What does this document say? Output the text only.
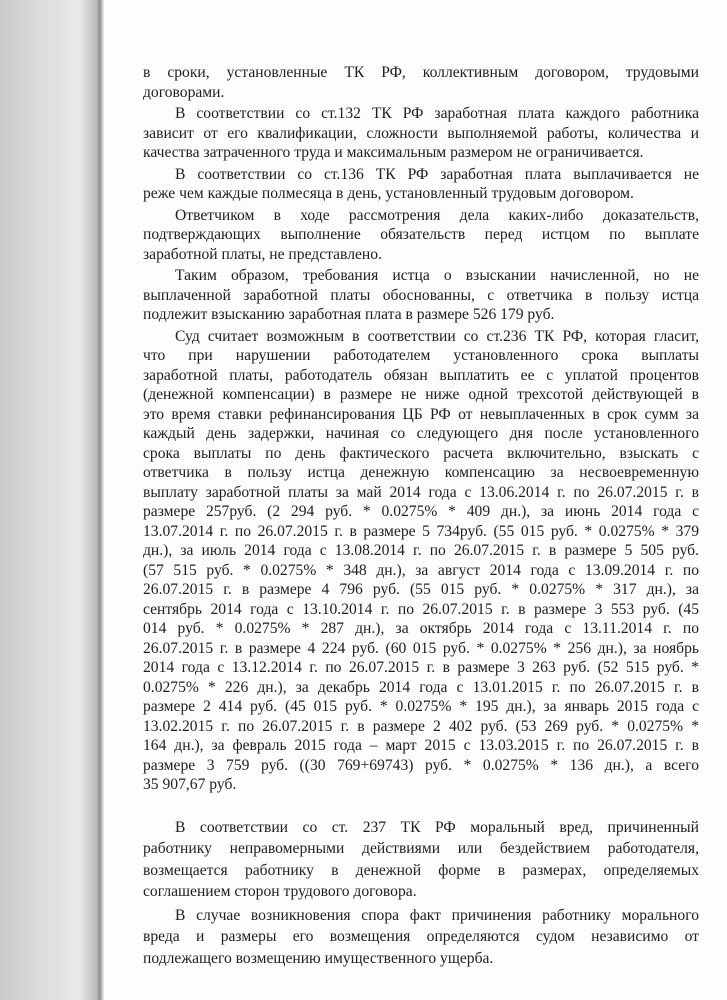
в сроки, установленные ТК РФ, коллективным договором, трудовыми
договорами.
В соответствии со ст.132 ТК РФ заработная плата каждого работника
зависит от его квалификации, сложности выполняемой работы, количества и
качества затраченного труда и максимальным размером не ограничивается.
В соответствии со ст.136 ТК РФ заработная плата выплачивается не
реже чем каждые полмесяца в день, установленный трудовым договором.
Ответчиком в ходе рассмотрения дела каких-либо доказательств,
подтверждающих выполнение обязательств перед истцом по выплате
заработной платы, не представлено.
Таким образом, требования истца о взыскании начисленной, но не
выплаченной заработной платы обоснованны, с ответчика в пользу истца
подлежит взысканию заработная плата в размере 526 179 руб.
Суд считает возможным в соответствии со ст.236 ТК РФ, которая гласит,
что при нарушении работодателем установленного срока выплаты
заработной платы, работодатель обязан выплатить ее с уплатой процентов
(денежной компенсации) в размере не ниже одной трехсотой действующей в
это время ставки рефинансирования ЦБ РФ от невыплаченных в срок сумм за
каждый день задержки, начиная со следующего дня после установленного
срока выплаты по день фактического расчета включительно, взыскать с
ответчика в пользу истца денежную компенсацию за несвоевременную
выплату заработной платы за май 2014 года с 13.06.2014 г. по 26.07.2015 г. в
размере 257руб. (2 294 руб. * 0.0275% * 409 дн.), за июнь 2014 года с
13.07.2014 г. по 26.07.2015 г. в размере 5 734руб. (55 015 руб. * 0.0275% * 379
дн.), за июль 2014 года с 13.08.2014 г. по 26.07.2015 г. в размере 5 505 руб.
(57 515 руб. * 0.0275% * 348 дн.), за август 2014 года с 13.09.2014 г. по
26.07.2015 г. в размере 4 796 руб. (55 015 руб. * 0.0275% * 317 дн.), за
сентябрь 2014 года с 13.10.2014 г. по 26.07.2015 г. в размере 3 553 руб. (45
014 руб. * 0.0275% * 287 дн.), за октябрь 2014 года с 13.11.2014 г. по
26.07.2015 г. в размере 4 224 руб. (60 015 руб. * 0.0275% * 256 дн.), за ноябрь
2014 года с 13.12.2014 г. по 26.07.2015 г. в размере 3 263 руб. (52 515 руб. *
0.0275% * 226 дн.), за декабрь 2014 года с 13.01.2015 г. по 26.07.2015 г. в
размере 2 414 руб. (45 015 руб. * 0.0275% * 195 дн.), за январь 2015 года с
13.02.2015 г. по 26.07.2015 г. в размере 2 402 руб. (53 269 руб. * 0.0275% *
164 дн.), за февраль 2015 года – март 2015 с 13.03.2015 г. по 26.07.2015 г. в
размере 3 759 руб. ((30 769+69743) руб. * 0.0275% * 136 дн.), а всего
35 907,67 руб.
В соответствии со ст. 237 ТК РФ моральный вред, причиненный
работнику неправомерными действиями или бездействием работодателя,
возмещается работнику в денежной форме в размерах, определяемых
соглашением сторон трудового договора.
В случае возникновения спора факт причинения работнику морального
вреда и размеры его возмещения определяются судом независимо от
подлежащего возмещению имущественного ущерба.
